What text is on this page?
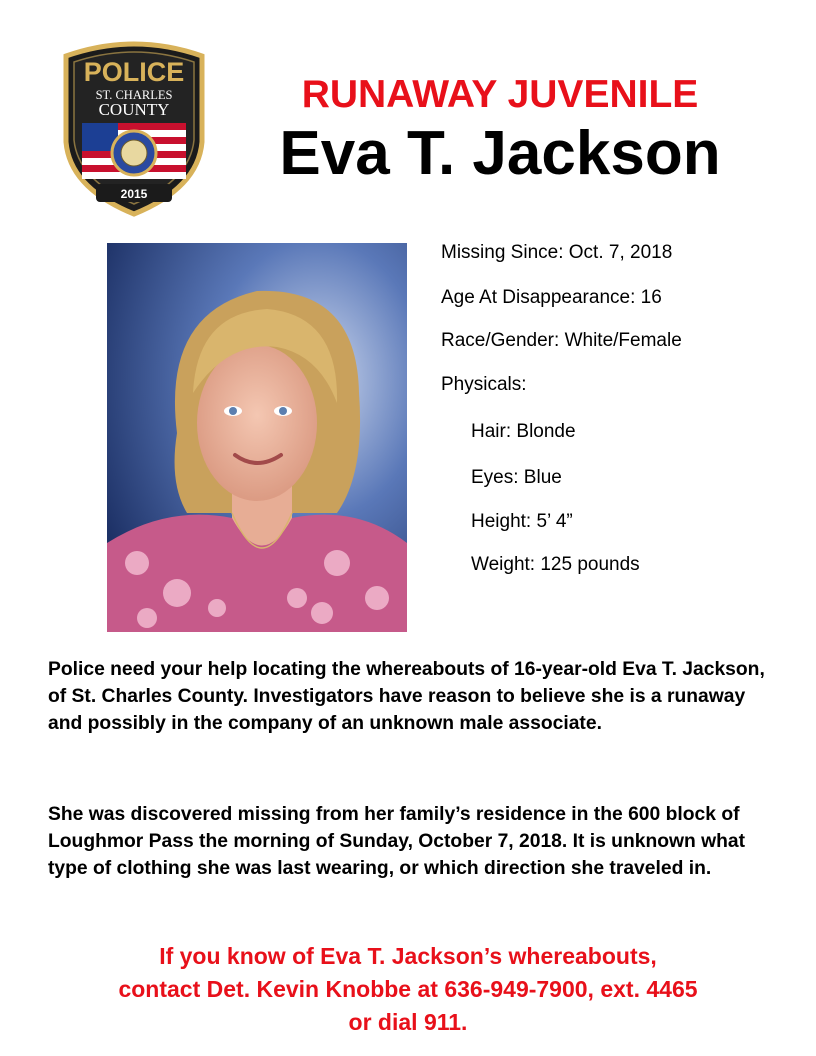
POLICE
ST. CHARLES
COUNTY
2015
RUNAWAY JUVENILE
Eva T. Jackson
Missing Since: Oct. 7, 2018
Age At Disappearance: 16
Race/Gender: White/Female
Physicals:
Hair: Blonde
Eyes: Blue
Height: 5’ 4”
Weight: 125 pounds

Police need your help locating the whereabouts of 16-year-old Eva T. Jackson, of St. Charles County. Investigators have reason to believe she is a runaway and possibly in the company of an unknown male associate.

She was discovered missing from her family’s residence in the 600 block of Loughmor Pass the morning of Sunday, October 7, 2018. It is unknown what type of clothing she was last wearing, or which direction she traveled in.

If you know of Eva T. Jackson’s whereabouts,
contact Det. Kevin Knobbe at 636-949-7900, ext. 4465
or dial 911.
